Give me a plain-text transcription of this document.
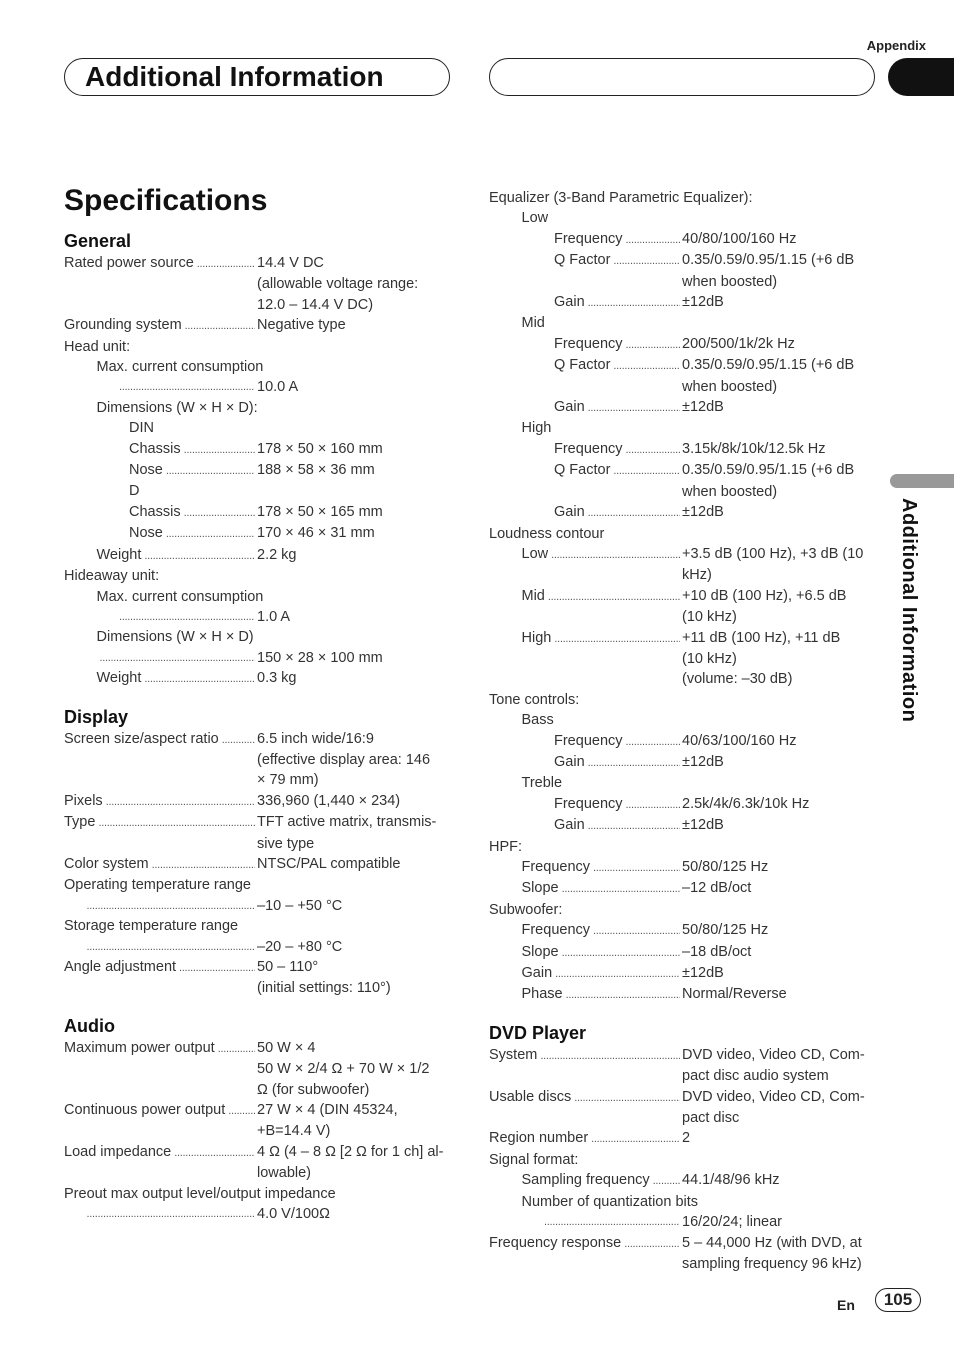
Appendix
Additional Information
Additional Information
Specifications
General
Rated power source .....	14.4 V DC
(allowable voltage range:
12.0 – 14.4 V DC)
Grounding system .....	Negative type
Head unit:
Max. current consumption
.....
10.0 A
Dimensions (W × H × D):
DIN
Chassis .....	178 × 50 × 160 mm
Nose .....	188 × 58 × 36 mm
D
Chassis .....	178 × 50 × 165 mm
Nose .....	170 × 46 × 31 mm
Weight .....	2.2 kg
Hideaway unit:
Max. current consumption
.....
1.0 A
Dimensions (W × H × D)
.....
150 × 28 × 100 mm
Weight .....	0.3 kg
Display
Screen size/aspect ratio .....	6.5 inch wide/16:9
(effective display area: 146
× 79 mm)
Pixels .....	336,960 (1,440 × 234)
Type .....	TFT active matrix, transmis-
sive type
Color system .....	NTSC/PAL compatible
Operating temperature range
.....
–10 – +50 °C
Storage temperature range
.....
–20 – +80 °C
Angle adjustment .....	50 – 110°
(initial settings: 110°)
Audio
Maximum power output .....	50 W × 4
50 W × 2/4 Ω + 70 W × 1/2
Ω (for subwoofer)
Continuous power output ..... 27 W × 4 (DIN 45324,
+B=14.4 V)
Load impedance .....	4 Ω (4 – 8 Ω [2 Ω for 1 ch] al-
lowable)
Preout max output level/output impedance
.....
4.0 V/100Ω
Equalizer (3-Band Parametric Equalizer):
Low
Frequency .....	40/80/100/160 Hz
Q Factor .....	0.35/0.59/0.95/1.15 (+6 dB
when boosted)
Gain .....	±12dB
Mid
Frequency .....	200/500/1k/2k Hz
Q Factor .....	0.35/0.59/0.95/1.15 (+6 dB
when boosted)
Gain .....	±12dB
High
Frequency .....	3.15k/8k/10k/12.5k Hz
Q Factor .....	0.35/0.59/0.95/1.15 (+6 dB
when boosted)
Gain .....	±12dB
Loudness contour
Low .....	+3.5 dB (100 Hz), +3 dB (10
kHz)
Mid .....	+10 dB (100 Hz), +6.5 dB
(10 kHz)
High .....	+11 dB (100 Hz), +11 dB
(10 kHz)
(volume: –30 dB)
Tone controls:
Bass
Frequency .....	40/63/100/160 Hz
Gain .....	±12dB
Treble
Frequency .....	2.5k/4k/6.3k/10k Hz
Gain .....	±12dB
HPF:
Frequency .....	50/80/125 Hz
Slope .....	–12 dB/oct
Subwoofer:
Frequency .....	50/80/125 Hz
Slope .....	–18 dB/oct
Gain .....	±12dB
Phase .....	Normal/Reverse
DVD Player
System .....	DVD video, Video CD, Com-
pact disc audio system
Usable discs .....	DVD video, Video CD, Com-
pact disc
Region number .....	2
Signal format:
Sampling frequency ..... 44.1/48/96 kHz
Number of quantization bits
.....
16/20/24; linear
Frequency response .....	5 – 44,000 Hz (with DVD, at
sampling frequency 96 kHz)
En	105
